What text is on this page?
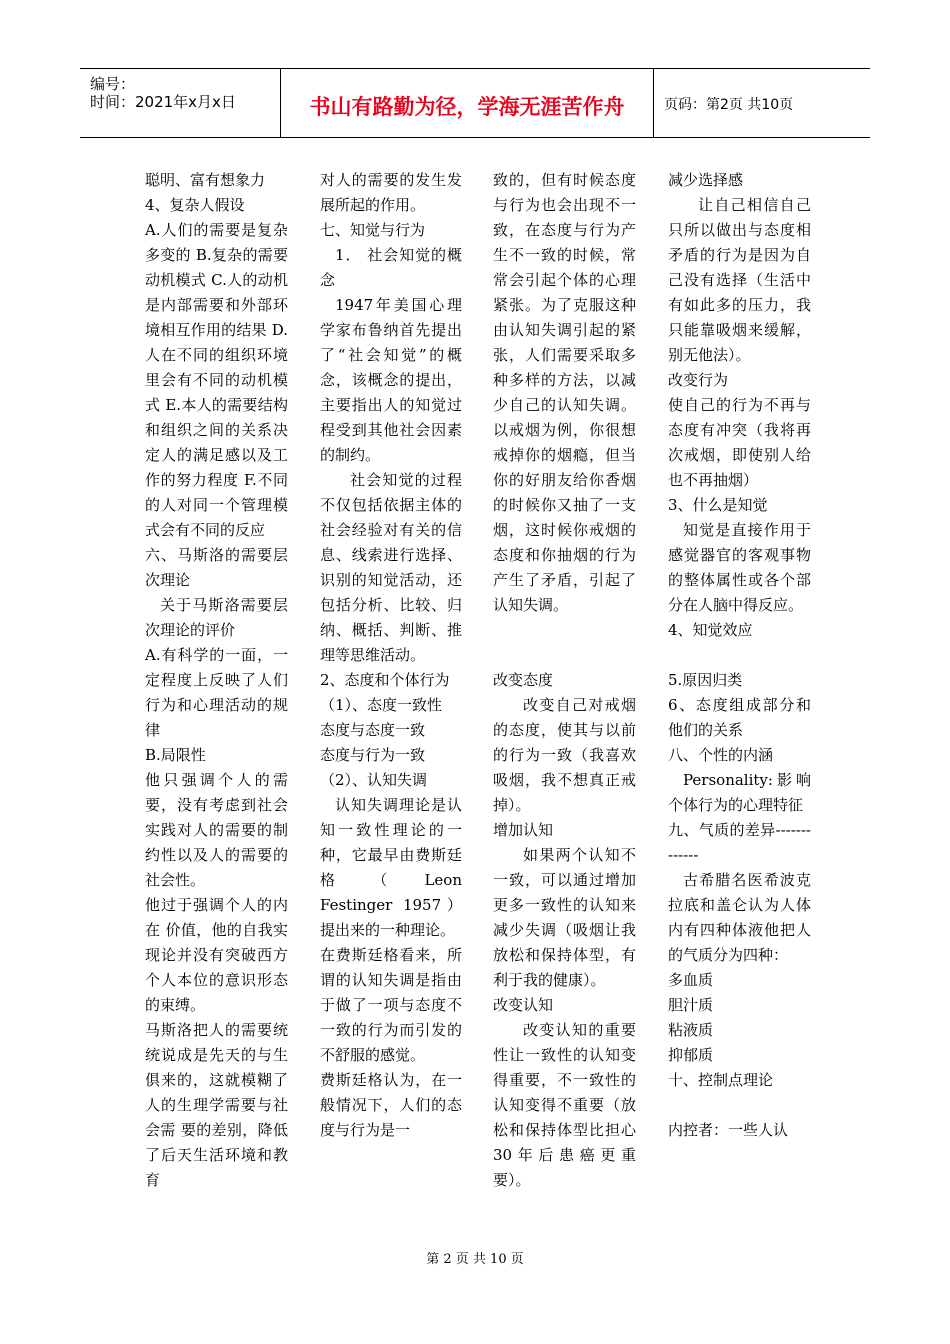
编号：
时间：2021年x月x日	书山有路勤为径，学海无涯苦作舟	页码：第2页 共10页

聪明、富有想象力

4、复杂人假设

A.人们的需要是复杂多变的 B.复杂的需要动机模式 C.人的动机是内部需要和外部环境相互作用的结果 D.人在不同的组织环境里会有不同的动机模式 E.本人的需要结构和组织之间的关系决定人的满足感以及工作的努力程度 F.不同的人对同一个管理模式会有不同的反应

六、马斯洛的需要层次理论

关于马斯洛需要层次理论的评价

A.有科学的一面，一定程度上反映了人们行为和心理活动的规律

B.局限性

他只强调个人的需要，没有考虑到社会实践对人的需要的制约性以及人的需要的社会性。

他过于强调个人的内在 价值，他的自我实现论并没有突破西方个人本位的意识形态的束缚。

马斯洛把人的需要统统说成是先天的与生俱来的，这就模糊了人的生理学需要与社会需 要的差别，降低了后天生活环境和教育

对人的需要的发生发展所起的作用。

七、知觉与行为

1． 社会知觉的概念

1947年美国心理学家布鲁纳首先提出了“社会知觉”的概念，该概念的提出，主要指出人的知觉过程受到其他社会因素的制约。

社会知觉的过程不仅包括依据主体的社会经验对有关的信息、线索进行选择、识别的知觉活动，还包括分析、比较、归纳、概括、判断、推理等思维活动。

2、态度和个体行为

（1）、态度一致性

态度与态度一致

态度与行为一致

（2）、认知失调

认知失调理论是认知一致性理论的一种，它最早由费斯廷格（Leon Festinger 1957）提出来的一种理论。

在费斯廷格看来，所谓的认知失调是指由于做了一项与态度不一致的行为而引发的不舒服的感觉。

费斯廷格认为，在一般情况下，人们的态度与行为是一

致的，但有时候态度与行为也会出现不一致，在态度与行为产生不一致的时候，常常会引起个体的心理紧张。为了克服这种由认知失调引起的紧张，人们需要采取多种多样的方法，以减少自己的认知失调。以戒烟为例，你很想戒掉你的烟瘾，但当你的好朋友给你香烟的时候你又抽了一支烟，这时候你戒烟的态度和你抽烟的行为产生了矛盾，引起了认知失调。

改变态度

改变自己对戒烟的态度，使其与以前的行为一致（我喜欢吸烟，我不想真正戒掉）。

增加认知

如果两个认知不一致，可以通过增加更多一致性的认知来减少失调（吸烟让我放松和保持体型，有利于我的健康）。

改变认知

改变认知的重要性让一致性的认知变得重要，不一致性的认知变得不重要（放松和保持体型比担心30年后患癌更重要）。

减少选择感

让自己相信自己只所以做出与态度相矛盾的行为是因为自己没有选择（生活中有如此多的压力，我只能靠吸烟来缓解，别无他法）。

改变行为

使自己的行为不再与态度有冲突（我将再次戒烟，即使别人给也不再抽烟）

3、什么是知觉

知觉是直接作用于感觉器官的客观事物的整体属性或各个部分在人脑中得反应。

4、知觉效应

5.原因归类

6、态度组成部分和他们的关系

八、个性的内涵

Personality:影响个体行为的心理特征

九、气质的差异-------------

古希腊名医希波克拉底和盖仑认为人体内有四种体液他把人的气质分为四种：

多血质

胆汁质

粘液质

抑郁质

十、控制点理论

内控者：一些人认

第 2 页 共 10 页
